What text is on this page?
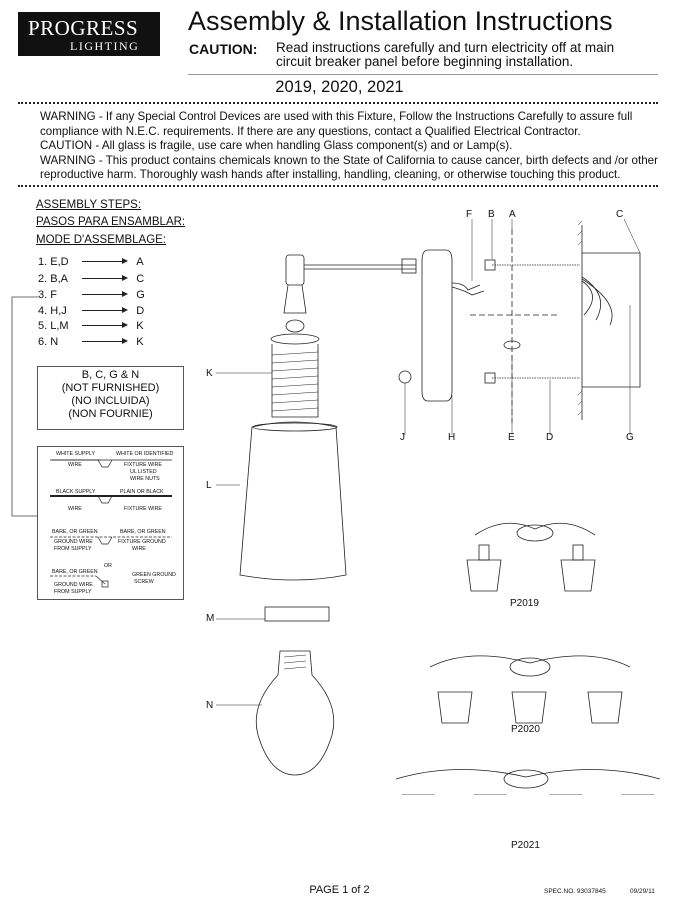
PROGRESS
LIGHTING
Assembly & Installation Instructions
CAUTION: Read instructions carefully and turn electricity off at main circuit breaker panel before beginning installation.
2019, 2020, 2021

WARNING - If any Special Control Devices are used with this Fixture, Follow the Instructions Carefully to assure full compliance with N.E.C. requirements. If there are any questions, contact a Qualified Electrical Contractor.

CAUTION - All glass is fragile, use care when handling Glass component(s) and or Lamp(s).

WARNING - This product contains chemicals known to the State of California to cause cancer, birth defects and /or other reproductive harm. Thoroughly wash hands after installing, handling, cleaning, or otherwise touching this product.

ASSEMBLY STEPS:
PASOS PARA ENSAMBLAR:
MODE D'ASSEMBLAGE:
1. E,D	A
2. B,A	C
3. F	G
4. H,J	D
5. L,M	K
6. N	K
B, C, G & N
(NOT FURNISHED)
(NO INCLUIDA)
(NON FOURNIE)
WHITE SUPPLY	WHITE OR IDENTIFIED
WIRE	FIXTURE WIRE
UL LISTED
WIRE NUTS
BLACK SUPPLY	PLAIN OR BLACK
WIRE	FIXTURE WIRE
BARE, OR GREEN	BARE, OR GREEN
GROUND WIRE
FROM SUPPLY
FIXTURE GROUND
WIRE
OR
BARE, OR GREEN	GREEN GROUND
SCREW
GROUND WIRE
FROM SUPPLY
F B A	C
K
J	H	E	D	G
L
M
N
P2019
P2020
P2021
PAGE 1 of 2	SPEC.NO. 93037845	09/29/11
